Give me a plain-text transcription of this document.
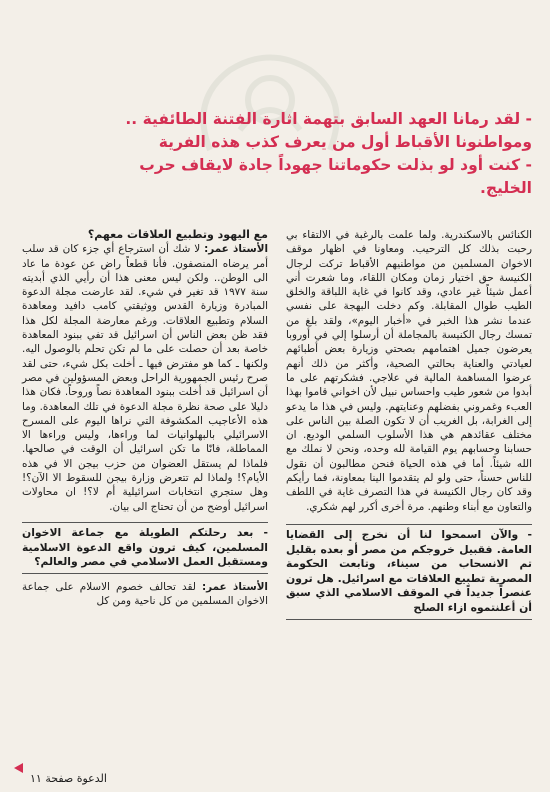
- لقد رمانا العهد السابق بتهمة اثارة الفتنة الطائفية ..
ومواطنونا الأقباط أول من يعرف كذب هذه الفرية
- كنت أود لو بذلت حكوماتنا جهوداً جادة لايقاف حرب
الخليج.

الكنائس بالاسكندرية. ولما علمت بالرغبة في الالتقاء بي رحبت بذلك كل الترحيب. ومعاونا في اظهار موقف الاخوان المسلمين من مواطنيهم الأقباط تركت لرجال الكنيسة حق اختيار زمان ومكان اللقاء، وما شعرت أني أعمل شيئاً غير عادي، وقد كانوا في غاية اللباقة والخلق الطيب طوال المقابلة. وكم دخلت البهجة على نفسي عندما نشر هذا الخبر في «أخبار اليوم»، ولقد بلغ من تمسك رجال الكنيسة بالمجاملة أن أرسلوا إلي في أوروبا يعرضون جميل اهتمامهم بصحتي وزيارة بعض أطبائهم لعيادتي والعناية بحالتي الصحية، وأكثر من ذلك أنهم عرضوا المساهمة المالية في علاجي. فشكرتهم على ما أبدوا من شعور طيب واحساس نبيل لأن اخواني قاموا بهذا العبء وغمروني بفضلهم وعنايتهم. وليس في هذا ما يدعو إلى الغرابة، بل الغريب أن لا تكون الصلة بين الناس على مختلف عقائدهم هي هذا الأسلوب السلمي الوديع. ان حسابنا وحسابهم يوم القيامة لله وحده، ونحن لا نملك مع الله شيئاً. أما في هذه الحياة فنحن مطالبون أن نقول للناس حسناً، حتى ولو لم يتقدموا الينا بمعاونة، فما رأيكم وقد كان رجال الكنيسة في هذا التصرف غاية في اللطف والتعاون مع أبناء وطنهم. مرة أخرى أكرر لهم شكري.

- والآن اسمحوا لنا أن نخرج إلى القضايا العامة. فقبيل خروجكم من مصر أو بعده بقليل تم الانسحاب من سيناء، وتابعت الحكومة المصرية تطبيع العلاقات مع اسرائيل. هل ترون عنصراً جديداً في الموقف الاسلامي الذي سبق أن أعلنتموه ازاء الصلح

مع اليهود وتطبيع العلاقات معهم؟

الأستاذ عمر: لا شك أن استرجاع أي جزء كان قد سلب أمر يرضاه المنصفون. فأنا قطعاً راض عن عودة ما عاد الى الوطن.. ولكن ليس معنى هذا أن رأيي الذي أبديته سنة ١٩٧٧ قد تغير في شيء. لقد عارضت مجلة الدعوة المبادرة وزيارة القدس ووثيقتي كامب دافيد ومعاهدة السلام وتطبيع العلاقات. ورغم معارضة المجلة لكل هذا فقد ظن بعض الناس أن اسرائيل قد تفي ببنود المعاهدة خاصة بعد أن حصلت على ما لم تكن تحلم بالوصول اليه. ولكنها ـ كما هو مفترض فيها ـ أخلت بكل شيء، حتى لقد صرح رئيس الجمهورية الراحل وبعض المسؤولين في مصر أن اسرائيل قد أخلت ببنود المعاهدة نصاً وروحاً. فكان هذا دليلا على صحة نظرة مجلة الدعوة في تلك المعاهدة. وما هذه الأعاجيب المكشوفة التي نراها اليوم على المسرح الاسرائيلي بالبهلوانيات لما وراءها، وليس وراءها الا المماطلة، فانّا ما تكن اسرائيل أن الوقت في صالحها. فلماذا لم يستقل العضوان من حزب بيجن الا في هذه الأيام؟! ولماذا لم تتعرض وزارة بيجن للسقوط الا الآن؟! وهل ستجري انتخابات اسرائيلية أم لا؟! ان محاولات اسرائيل أوضح من أن تحتاج الى بيان.

- بعد رحلتكم الطويلة مع جماعة الاخوان المسلمين، كيف ترون واقع الدعوة الاسلامية ومستقبل العمل الاسلامي في مصر والعالم؟

الأستاذ عمر: لقد تحالف خصوم الاسلام على جماعة الاخوان المسلمين من كل ناحية ومن كل

الدعوة صفحة ١١
